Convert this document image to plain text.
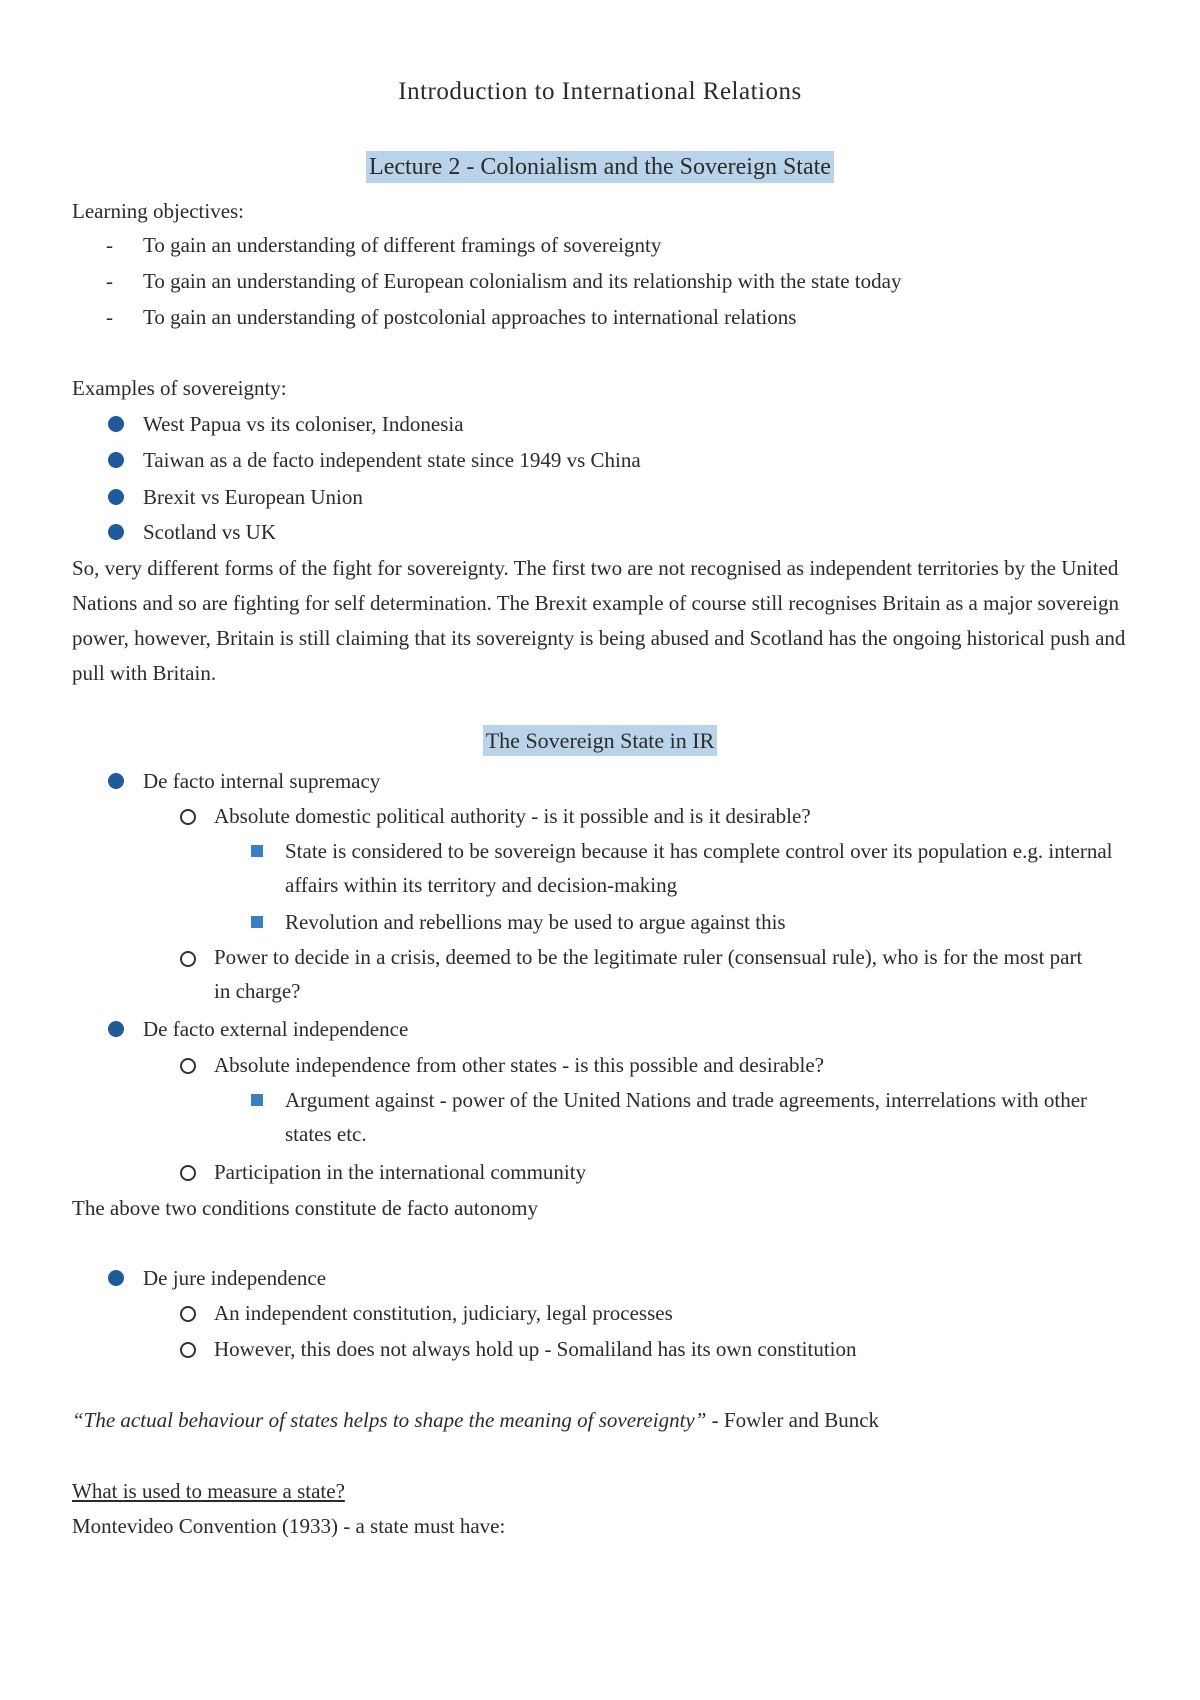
Introduction to International Relations
Lecture 2 - Colonialism and the Sovereign State
Learning objectives:
- To gain an understanding of different framings of sovereignty
- To gain an understanding of European colonialism and its relationship with the state today
- To gain an understanding of postcolonial approaches to international relations
Examples of sovereignty:
West Papua vs its coloniser, Indonesia
Taiwan as a de facto independent state since 1949 vs China
Brexit vs European Union
Scotland vs UK
So, very different forms of the fight for sovereignty. The first two are not recognised as independent territories by the United Nations and so are fighting for self determination. The Brexit example of course still recognises Britain as a major sovereign power, however, Britain is still claiming that its sovereignty is being abused and Scotland has the ongoing historical push and pull with Britain.
The Sovereign State in IR
De facto internal supremacy
Absolute domestic political authority - is it possible and is it desirable?
State is considered to be sovereign because it has complete control over its population e.g. internal affairs within its territory and decision-making
Revolution and rebellions may be used to argue against this
Power to decide in a crisis, deemed to be the legitimate ruler (consensual rule), who is for the most part in charge?
De facto external independence
Absolute independence from other states - is this possible and desirable?
Argument against - power of the United Nations and trade agreements, interrelations with other states etc.
Participation in the international community
The above two conditions constitute de facto autonomy
De jure independence
An independent constitution, judiciary, legal processes
However, this does not always hold up - Somaliland has its own constitution
“The actual behaviour of states helps to shape the meaning of sovereignty” - Fowler and Bunck
What is used to measure a state?
Montevideo Convention (1933) - a state must have:
